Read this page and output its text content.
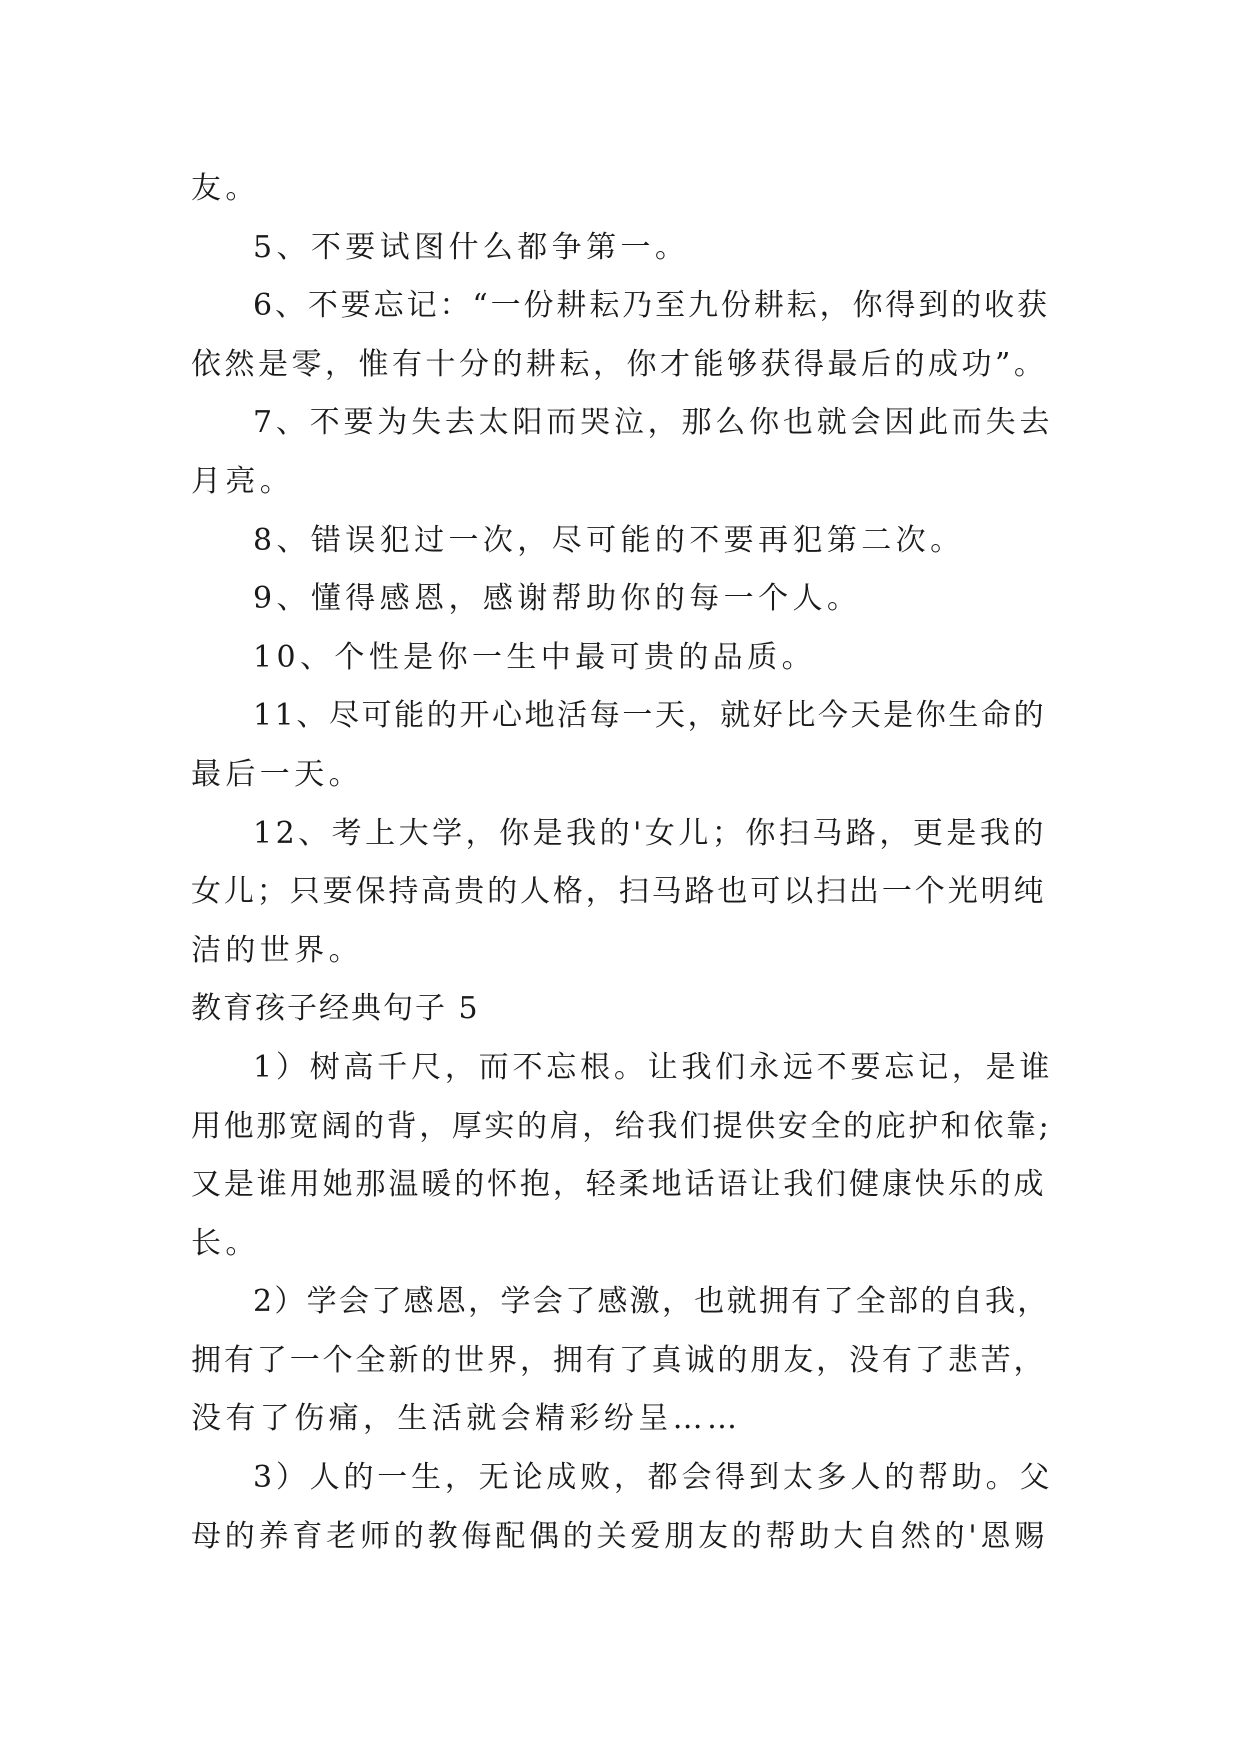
友。
5、不要试图什么都争第一。
6、不要忘记：“一份耕耘乃至九份耕耘，你得到的收获
依然是零，惟有十分的耕耘，你才能够获得最后的成功”。
7、不要为失去太阳而哭泣，那么你也就会因此而失去
月亮。
8、错误犯过一次，尽可能的不要再犯第二次。
9、懂得感恩，感谢帮助你的每一个人。
10、个性是你一生中最可贵的品质。
11、尽可能的开心地活每一天，就好比今天是你生命的
最后一天。
12、考上大学，你是我的'女儿；你扫马路，更是我的
女儿；只要保持高贵的人格，扫马路也可以扫出一个光明纯
洁的世界。
教育孩子经典句子 5
1）树高千尺，而不忘根。让我们永远不要忘记，是谁
用他那宽阔的背，厚实的肩，给我们提供安全的庇护和依靠;
又是谁用她那温暖的怀抱，轻柔地话语让我们健康快乐的成
长。
2）学会了感恩，学会了感激，也就拥有了全部的自我，
拥有了一个全新的世界，拥有了真诚的朋友，没有了悲苦，
没有了伤痛，生活就会精彩纷呈……
3）人的一生，无论成败，都会得到太多人的帮助。父
母的养育老师的教侮配偶的关爱朋友的帮助大自然的'恩赐
